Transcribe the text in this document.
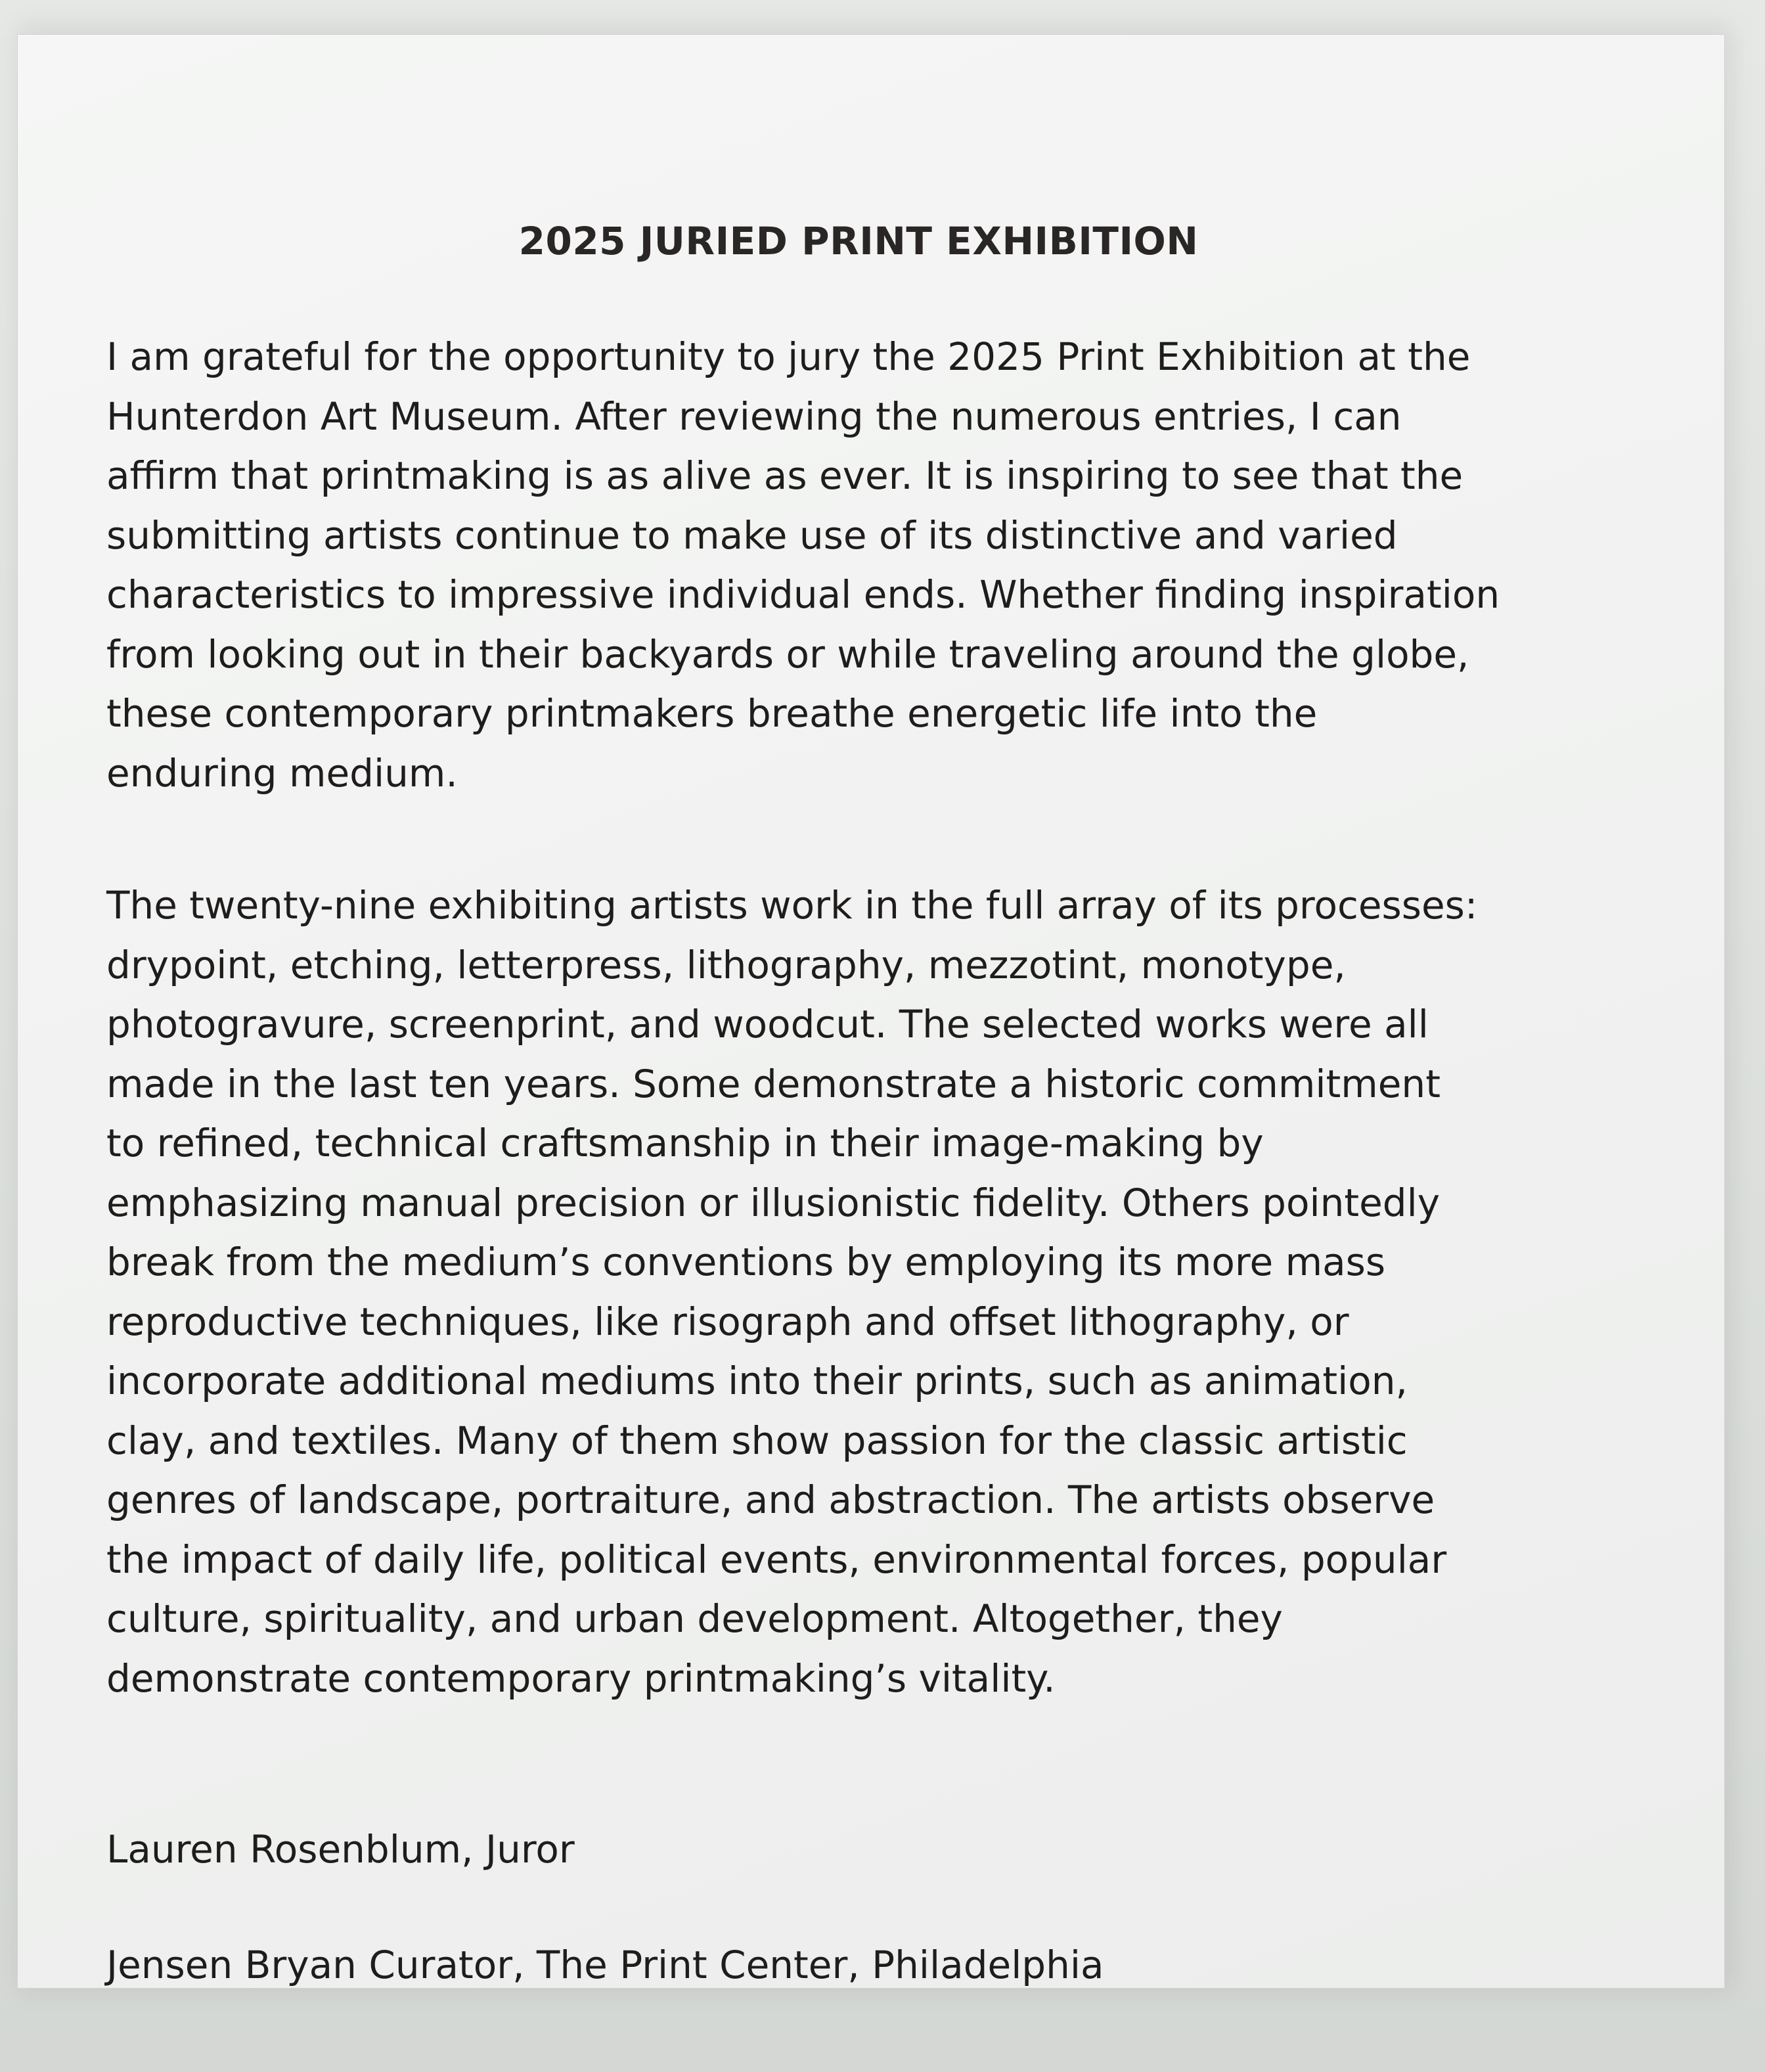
2025 JURIED PRINT EXHIBITION

I am grateful for the opportunity to jury the 2025 Print Exhibition at the
Hunterdon Art Museum. After reviewing the numerous entries, I can
affirm that printmaking is as alive as ever. It is inspiring to see that the
submitting artists continue to make use of its distinctive and varied
characteristics to impressive individual ends. Whether finding inspiration
from looking out in their backyards or while traveling around the globe,
these contemporary printmakers breathe energetic life into the
enduring medium.

The twenty-nine exhibiting artists work in the full array of its processes:
drypoint, etching, letterpress, lithography, mezzotint, monotype,
photogravure, screenprint, and woodcut. The selected works were all
made in the last ten years. Some demonstrate a historic commitment
to refined, technical craftsmanship in their image-making by
emphasizing manual precision or illusionistic fidelity. Others pointedly
break from the medium’s conventions by employing its more mass
reproductive techniques, like risograph and offset lithography, or
incorporate additional mediums into their prints, such as animation,
clay, and textiles. Many of them show passion for the classic artistic
genres of landscape, portraiture, and abstraction. The artists observe
the impact of daily life, political events, environmental forces, popular
culture, spirituality, and urban development. Altogether, they
demonstrate contemporary printmaking’s vitality.

Lauren Rosenblum, Juror

Jensen Bryan Curator, The Print Center, Philadelphia
